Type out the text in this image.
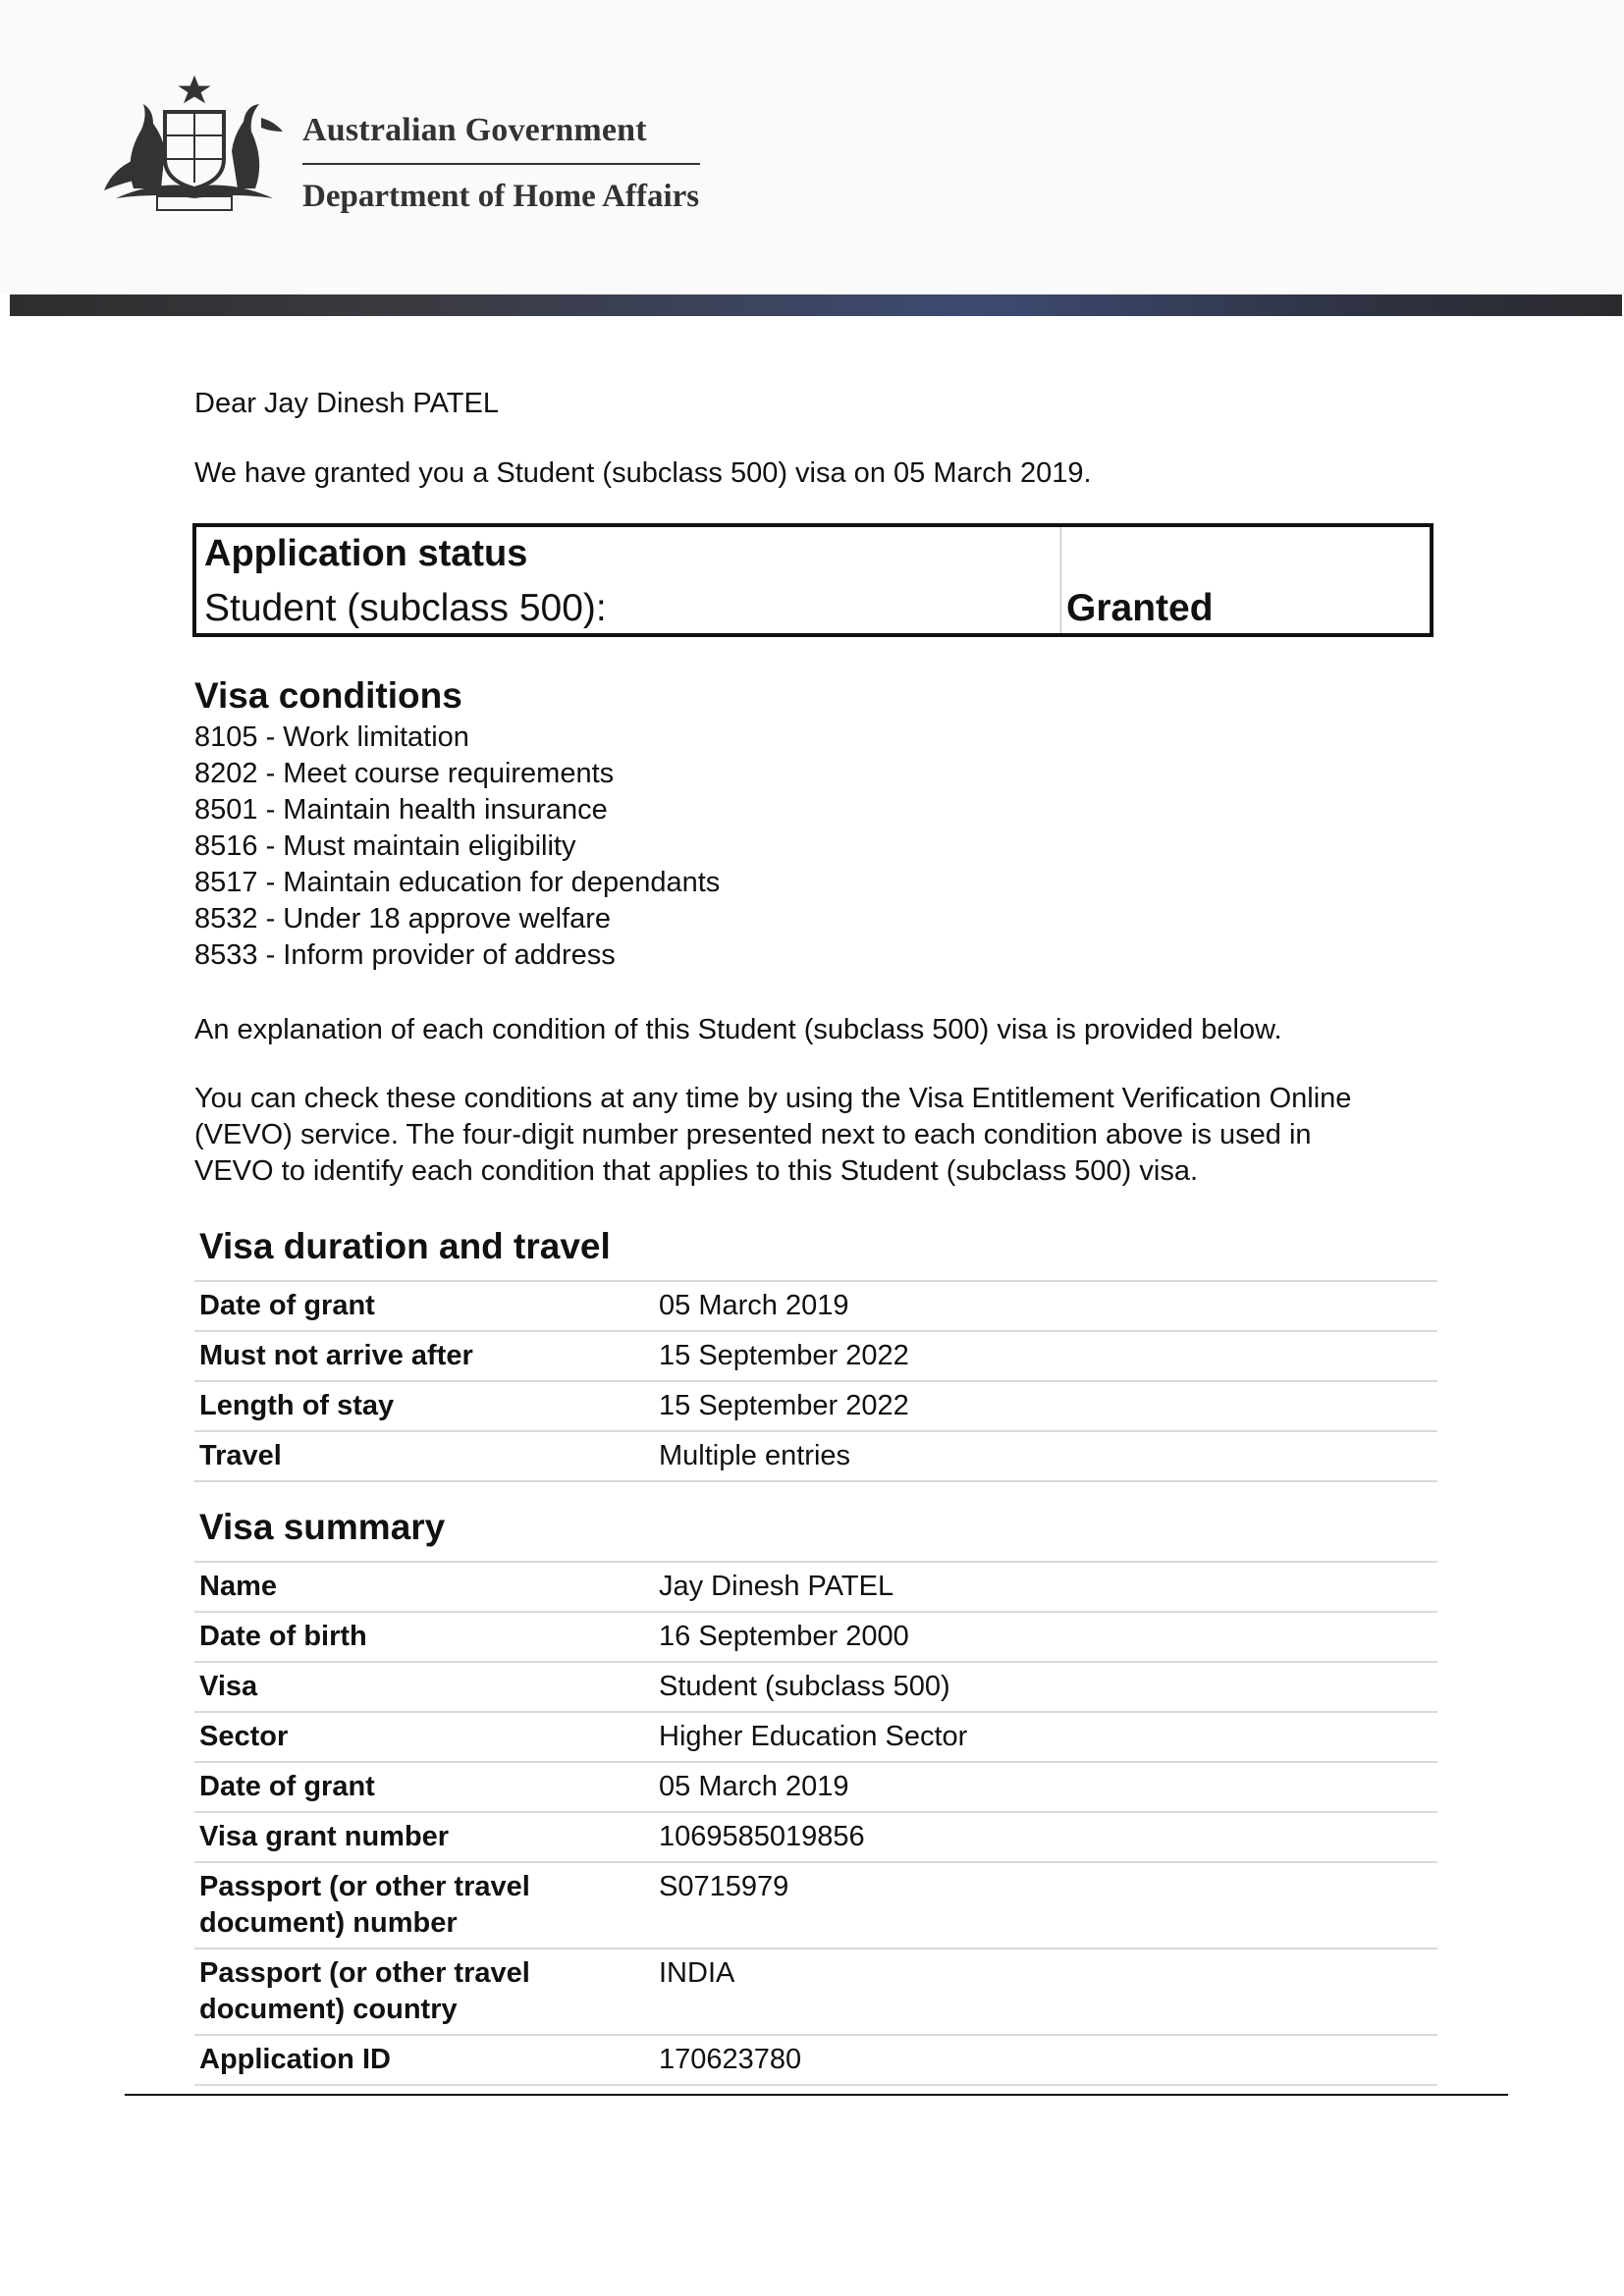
Australian Government
Department of Home Affairs

Dear Jay Dinesh PATEL

We have granted you a Student (subclass 500) visa on 05 March 2019.

Application status
Student (subclass 500):	Granted
Visa conditions
8105 - Work limitation
8202 - Meet course requirements
8501 - Maintain health insurance
8516 - Must maintain eligibility
8517 - Maintain education for dependants
8532 - Under 18 approve welfare
8533 - Inform provider of address

An explanation of each condition of this Student (subclass 500) visa is provided below.

You can check these conditions at any time by using the Visa Entitlement Verification Online
(VEVO) service. The four-digit number presented next to each condition above is used in
VEVO to identify each condition that applies to this Student (subclass 500) visa.

Visa duration and travel
Date of grant	05 March 2019
Must not arrive after	15 September 2022
Length of stay	15 September 2022
Travel	Multiple entries
Visa summary
Name	Jay Dinesh PATEL
Date of birth	16 September 2000
Visa	Student (subclass 500)
Sector	Higher Education Sector
Date of grant	05 March 2019
Visa grant number	1069585019856
Passport (or other travel
document) number	S0715979
Passport (or other travel
document) country	INDIA
Application ID	170623780
